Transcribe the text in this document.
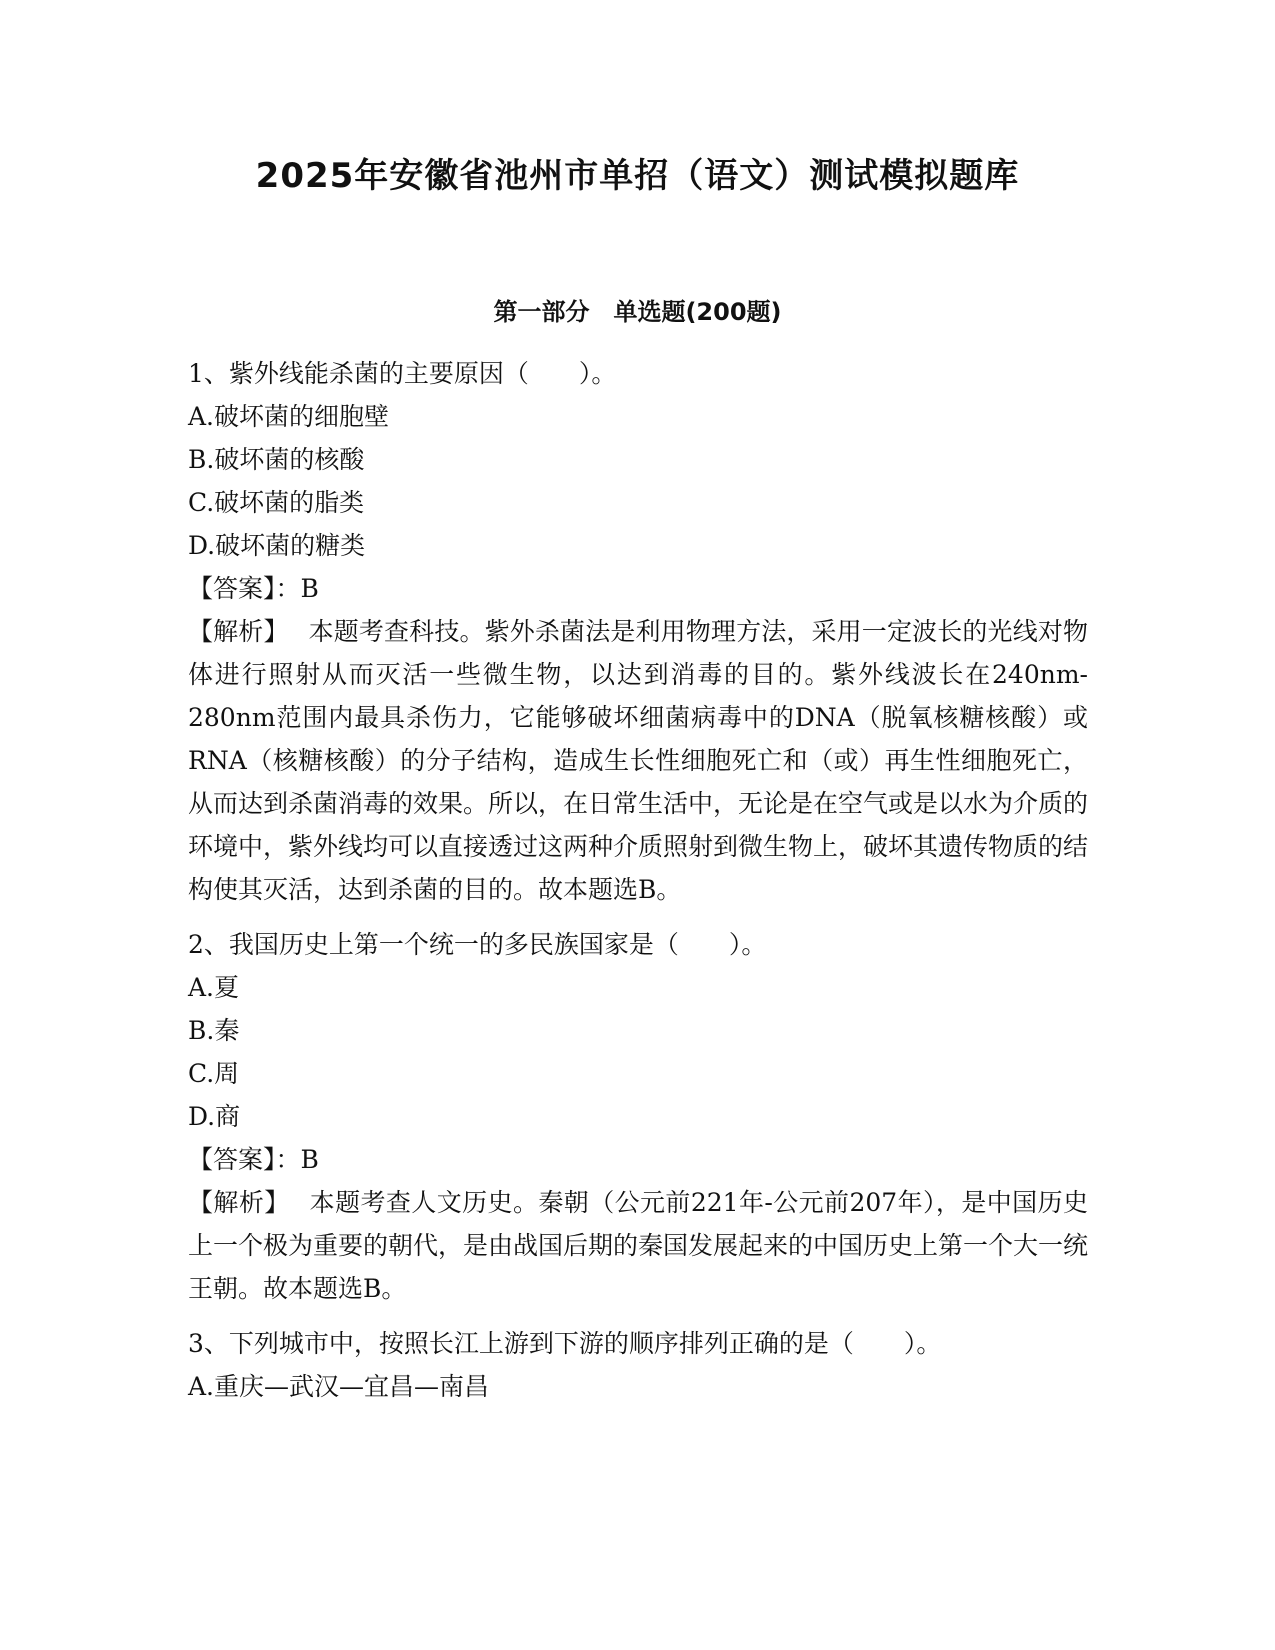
2025年安徽省池州市单招（语文）测试模拟题库
第一部分　单选题(200题)

1、紫外线能杀菌的主要原因（　　）。

A.破坏菌的细胞壁

B.破坏菌的核酸

C.破坏菌的脂类

D.破坏菌的糖类

【答案】：B

【解析】 本题考查科技。紫外杀菌法是利用物理方法，采用一定波长的光线对物体进行照射从而灭活一些微生物，以达到消毒的目的。紫外线波长在240nm-280nm范围内最具杀伤力，它能够破坏细菌病毒中的DNA（脱氧核糖核酸）或RNA（核糖核酸）的分子结构，造成生长性细胞死亡和（或）再生性细胞死亡，从而达到杀菌消毒的效果。所以，在日常生活中，无论是在空气或是以水为介质的环境中，紫外线均可以直接透过这两种介质照射到微生物上，破坏其遗传物质的结构使其灭活，达到杀菌的目的。故本题选B。

2、我国历史上第一个统一的多民族国家是（　　）。

A.夏

B.秦

C.周

D.商

【答案】：B

【解析】 本题考查人文历史。秦朝（公元前221年-公元前207年），是中国历史上一个极为重要的朝代，是由战国后期的秦国发展起来的中国历史上第一个大一统王朝。故本题选B。

3、下列城市中，按照长江上游到下游的顺序排列正确的是（　　）。

A.重庆—武汉—宜昌—南昌
